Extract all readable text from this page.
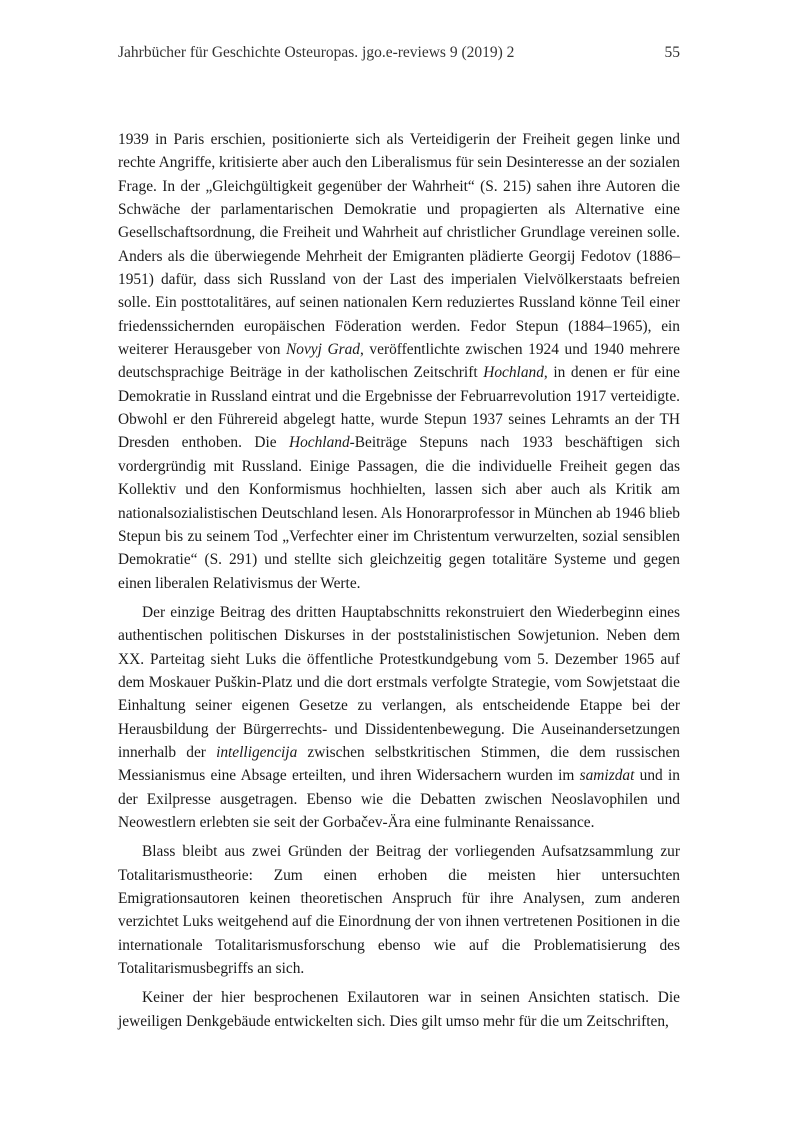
Jahrbücher für Geschichte Osteuropas. jgo.e-reviews 9 (2019) 2	55

1939 in Paris erschien, positionierte sich als Verteidigerin der Freiheit gegen linke und rechte Angriffe, kritisierte aber auch den Liberalismus für sein Desinteresse an der sozialen Frage. In der „Gleichgültigkeit gegenüber der Wahrheit“ (S. 215) sahen ihre Autoren die Schwäche der parlamentarischen Demokratie und propagierten als Alternative eine Gesellschaftsordnung, die Freiheit und Wahrheit auf christlicher Grundlage vereinen solle. Anders als die überwiegende Mehrheit der Emigranten plädierte Georgij Fedotov (1886–1951) dafür, dass sich Russland von der Last des imperialen Vielvölkerstaats befreien solle. Ein posttotalitäres, auf seinen nationalen Kern reduziertes Russland könne Teil einer friedenssichernden europäischen Föderation werden. Fedor Stepun (1884–1965), ein weiterer Herausgeber von Novyj Grad, veröffentlichte zwischen 1924 und 1940 mehrere deutschsprachige Beiträge in der katholischen Zeitschrift Hochland, in denen er für eine Demokratie in Russland eintrat und die Ergebnisse der Februarrevolution 1917 verteidigte. Obwohl er den Führereid abgelegt hatte, wurde Stepun 1937 seines Lehramts an der TH Dresden enthoben. Die Hochland-Beiträge Stepuns nach 1933 beschäftigen sich vordergründig mit Russland. Einige Passagen, die die individuelle Freiheit gegen das Kollektiv und den Konformismus hochhielten, lassen sich aber auch als Kritik am nationalsozialistischen Deutschland lesen. Als Honorarprofessor in München ab 1946 blieb Stepun bis zu seinem Tod „Verfechter einer im Christentum verwurzelten, sozial sensiblen Demokratie“ (S. 291) und stellte sich gleichzeitig gegen totalitäre Systeme und gegen einen liberalen Relativismus der Werte.

Der einzige Beitrag des dritten Hauptabschnitts rekonstruiert den Wiederbeginn eines authentischen politischen Diskurses in der poststalinistischen Sowjetunion. Neben dem XX. Parteitag sieht Luks die öffentliche Protestkundgebung vom 5. Dezember 1965 auf dem Moskauer Puškin-Platz und die dort erstmals verfolgte Strategie, vom Sowjetstaat die Einhaltung seiner eigenen Gesetze zu verlangen, als entscheidende Etappe bei der Herausbildung der Bürgerrechts- und Dissidentenbewegung. Die Auseinandersetzungen innerhalb der intelligencija zwischen selbstkritischen Stimmen, die dem russischen Messianismus eine Absage erteilten, und ihren Widersachern wurden im samizdat und in der Exilpresse ausgetragen. Ebenso wie die Debatten zwischen Neoslavophilen und Neowestlern erlebten sie seit der Gorbačev-Ära eine fulminante Renaissance.

Blass bleibt aus zwei Gründen der Beitrag der vorliegenden Aufsatzsammlung zur Totalitarismustheorie: Zum einen erhoben die meisten hier untersuchten Emigrationsautoren keinen theoretischen Anspruch für ihre Analysen, zum anderen verzichtet Luks weitgehend auf die Einordnung der von ihnen vertretenen Positionen in die internationale Totalitarismusforschung ebenso wie auf die Problematisierung des Totalitarismusbegriffs an sich.

Keiner der hier besprochenen Exilautoren war in seinen Ansichten statisch. Die jeweiligen Denkgebäude entwickelten sich. Dies gilt umso mehr für die um Zeitschriften,
